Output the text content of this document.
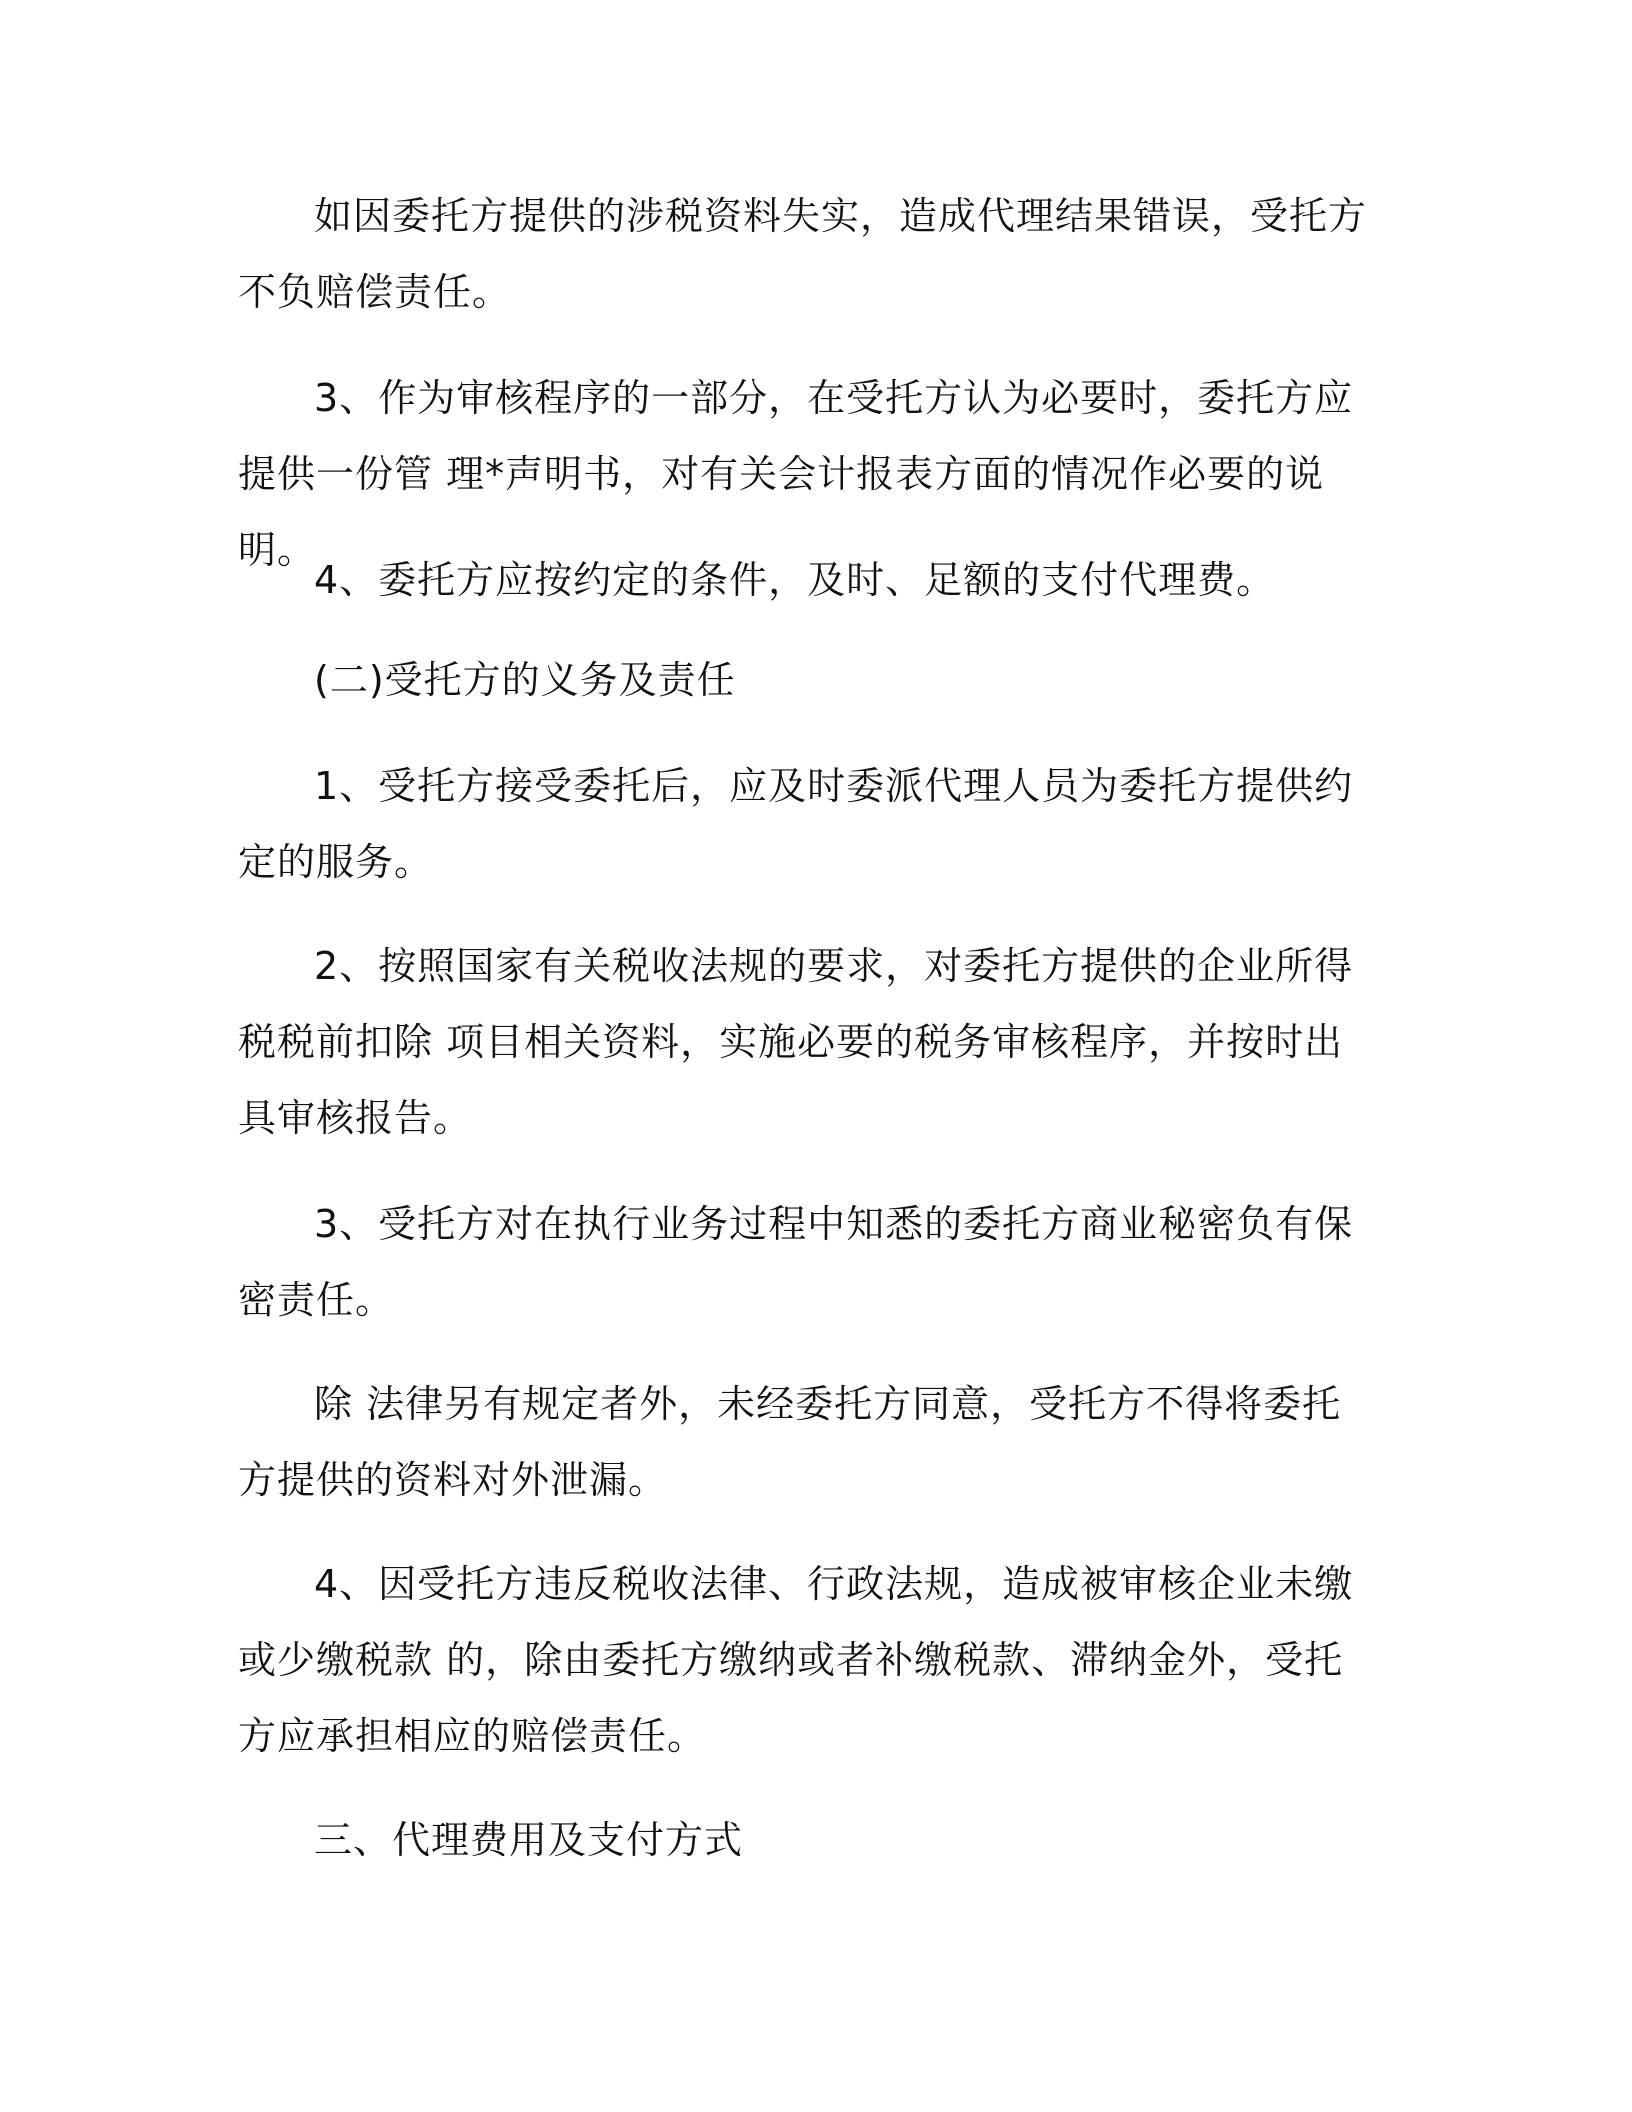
如因委托方提供的涉税资料失实，造成代理结果错误，受托方不负赔偿责任。

3、作为审核程序的一部分，在受托方认为必要时，委托方应提供一份管 理*声明书，对有关会计报表方面的情况作必要的说明。

4、委托方应按约定的条件，及时、足额的支付代理费。

(二)受托方的义务及责任

1、受托方接受委托后，应及时委派代理人员为委托方提供约定的服务。

2、按照国家有关税收法规的要求，对委托方提供的企业所得税税前扣除 项目相关资料，实施必要的税务审核程序，并按时出具审核报告。

3、受托方对在执行业务过程中知悉的委托方商业秘密负有保密责任。

除 法律另有规定者外，未经委托方同意，受托方不得将委托方提供的资料对外泄漏。

4、因受托方违反税收法律、行政法规，造成被审核企业未缴或少缴税款 的，除由委托方缴纳或者补缴税款、滞纳金外，受托方应承担相应的赔偿责任。

三、代理费用及支付方式
